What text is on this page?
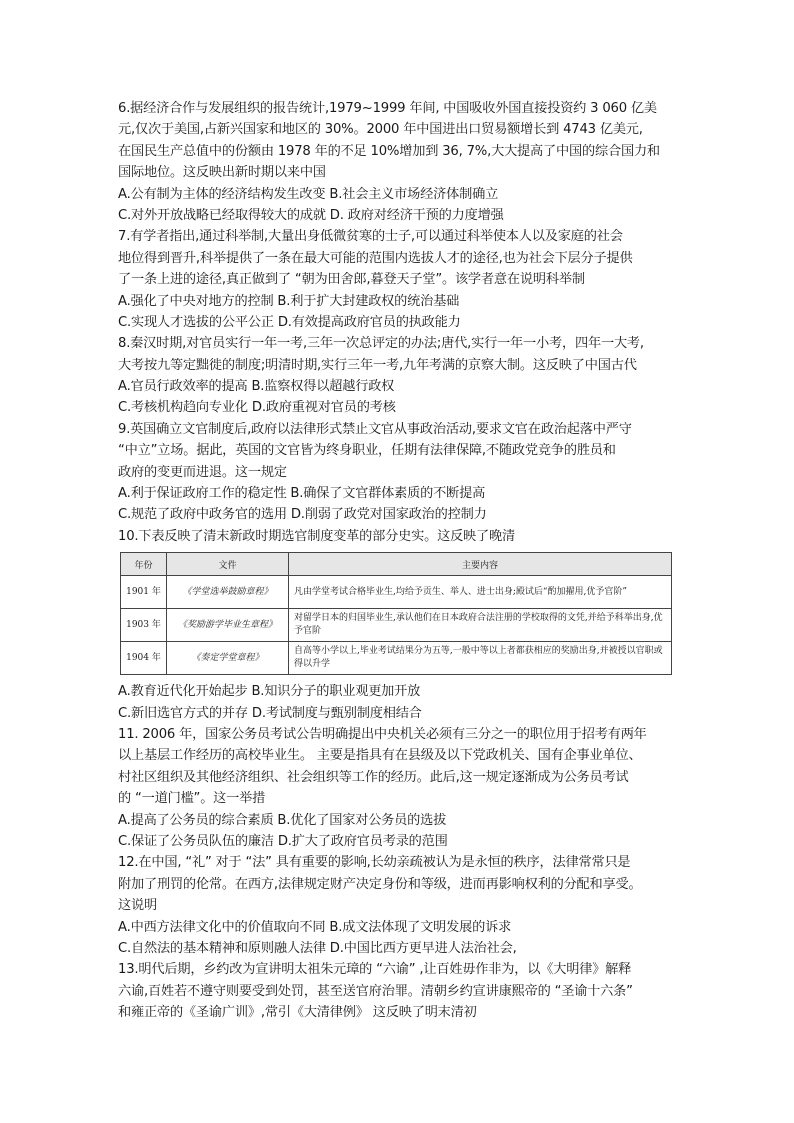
6.据经济合作与发展组织的报告统计,1979~1999 年间, 中国吸收外国直接投资约 3 060 亿美
元,仅次于美国,占新兴国家和地区的 30%。2000 年中国进出口贸易额增长到 4743 亿美元,
在国民生产总值中的份额由 1978 年的不足 10%增加到 36, 7%,大大提高了中国的综合国力和
国际地位。这反映出新时期以来中国
A.公有制为主体的经济结构发生改变 B.社会主义市场经济体制确立
C.对外开放战略已经取得较大的成就 D. 政府对经济干预的力度增强
7.有学者指出,通过科举制,大量出身低微贫寒的士子,可以通过科举使本人以及家庭的社会
地位得到晋升,科举提供了一条在最大可能的范围内选拔人才的途径,也为社会下层分子提供
了一条上进的途径,真正做到了 “朝为田舍郎,暮登天子堂”。该学者意在说明科举制
A.强化了中央对地方的控制 B.利于扩大封建政权的统治基础
C.实现人才选拔的公平公正 D.有效提高政府官员的执政能力
8.秦汉时期,对官员实行一年一考,三年一次总评定的办法;唐代,实行一年一小考，四年一大考,
大考按九等定黜徙的制度;明清时期,实行三年一考,九年考满的京察大制。这反映了中国古代
A.官员行政效率的提高 B.监察权得以超越行政权
C.考核机构趋向专业化 D.政府重视对官员的考核
9.英国确立文官制度后,政府以法律形式禁止文官从事政治活动,要求文官在政治起落中严守
“中立”立场。据此，英国的文官皆为终身职业，任期有法律保障,不随政党竞争的胜员和
政府的变更而进退。这一规定
A.利于保证政府工作的稳定性 B.确保了文官群体素质的不断提高
C.规范了政府中政务官的选用 D.削弱了政党对国家政治的控制力
10.下表反映了清末新政时期选官制度变革的部分史实。这反映了晚清
年份	文件	主要内容
1901 年	《学堂选举鼓励章程》	凡由学堂考试合格毕业生,均给予贡生、举人、进士出身;殿试后“酌加擢用,优予官阶”
1903 年	《奖励游学毕业生章程》	对留学日本的归国毕业生,承认他们在日本政府合法注册的学校取得的文凭,并给予科举出身,优予官阶
1904 年	《奏定学堂章程》	自高等小学以上,毕业考试结果分为五等,一般中等以上者都获相应的奖励出身,并被授以官职或得以升学
A.教育近代化开始起步 B.知识分子的职业观更加开放
C.新旧选官方式的并存 D.考试制度与甄别制度相结合
11. 2006 年，国家公务员考试公告明确提出中央机关必须有三分之一的职位用于招考有两年
以上基层工作经历的高校毕业生。 主要是指具有在县级及以下党政机关、国有企事业单位、
村社区组织及其他经济组织、社会组织等工作的经历。此后,这一规定逐渐成为公务员考试
的 “一道门槛”。这一举措
A.提高了公务员的综合素质 B.优化了国家对公务员的选拔
C.保证了公务员队伍的廉洁 D.扩大了政府官员考录的范围
12.在中国, “礼” 对于 “法” 具有重要的影响,长幼亲疏被认为是永恒的秩序，法律常常只是
附加了刑罚的伦常。在西方,法律规定财产决定身份和等级，进而再影响权利的分配和享受。
这说明
A.中西方法律文化中的价值取向不同 B.成文法体现了文明发展的诉求
C.自然法的基本精神和原则融人法律 D.中国比西方更早进人法治社会,
13.明代后期，乡约改为宣讲明太祖朱元璋的 “六谕” ,让百姓毋作非为，以《大明律》解释
六谕,百姓若不遵守则要受到处罚，甚至送官府治罪。清朝乡约宣讲康熙帝的 “圣谕十六条”
和雍正帝的《圣谕广训》,常引《大清律例》 这反映了明末清初
